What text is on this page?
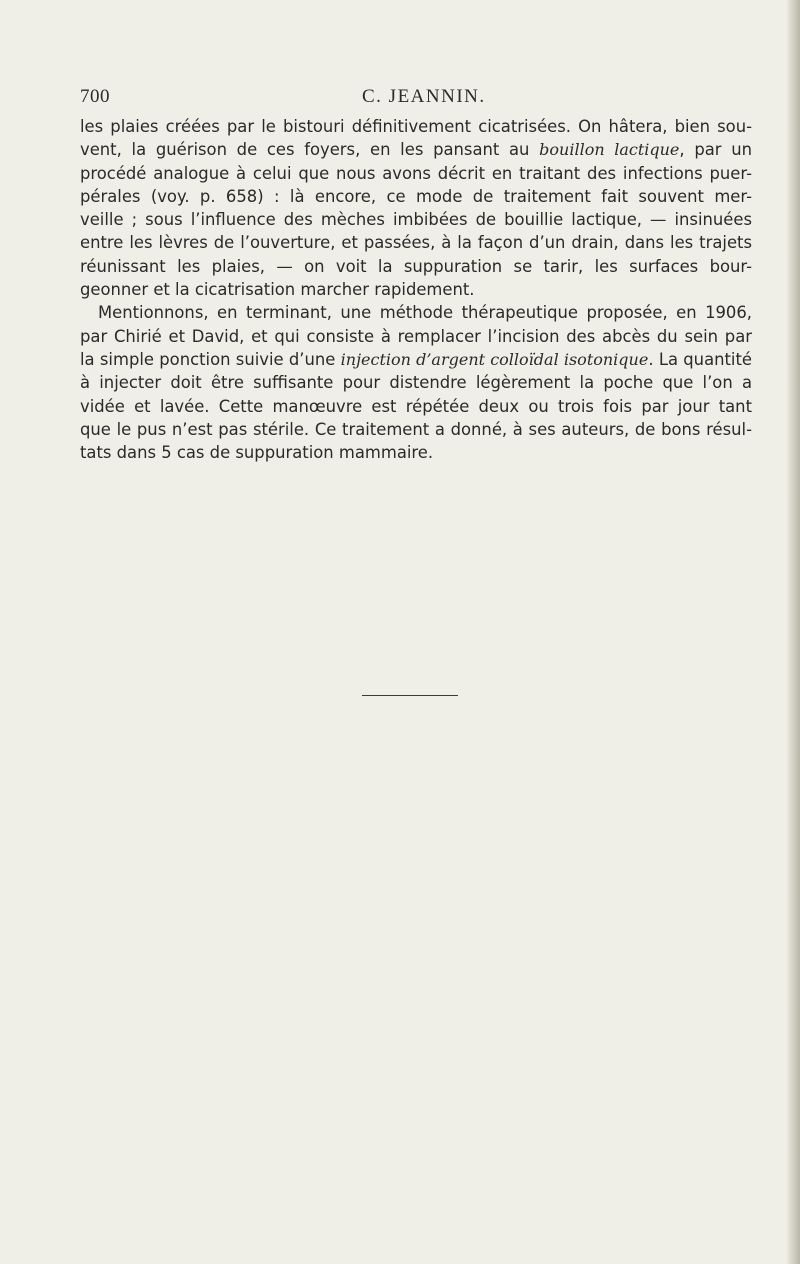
700	C. JEANNIN.
les plaies créées par le bistouri définitivement cicatrisées. On hâtera, bien sou-
vent, la guérison de ces foyers, en les pansant au bouillon lactique, par un
procédé analogue à celui que nous avons décrit en traitant des infections puer-
pérales (voy. p. 658) : là encore, ce mode de traitement fait souvent mer-
veille ; sous l’influence des mèches imbibées de bouillie lactique, — insinuées
entre les lèvres de l’ouverture, et passées, à la façon d’un drain, dans les trajets
réunissant les plaies, — on voit la suppuration se tarir, les surfaces bour-
geonner et la cicatrisation marcher rapidement.
Mentionnons, en terminant, une méthode thérapeutique proposée, en 1906,
par Chirié et David, et qui consiste à remplacer l’incision des abcès du sein par
la simple ponction suivie d’une injection d’argent colloïdal isotonique. La quantité
à injecter doit être suffisante pour distendre légèrement la poche que l’on a
vidée et lavée. Cette manœuvre est répétée deux ou trois fois par jour tant
que le pus n’est pas stérile. Ce traitement a donné, à ses auteurs, de bons résul-
tats dans 5 cas de suppuration mammaire.
